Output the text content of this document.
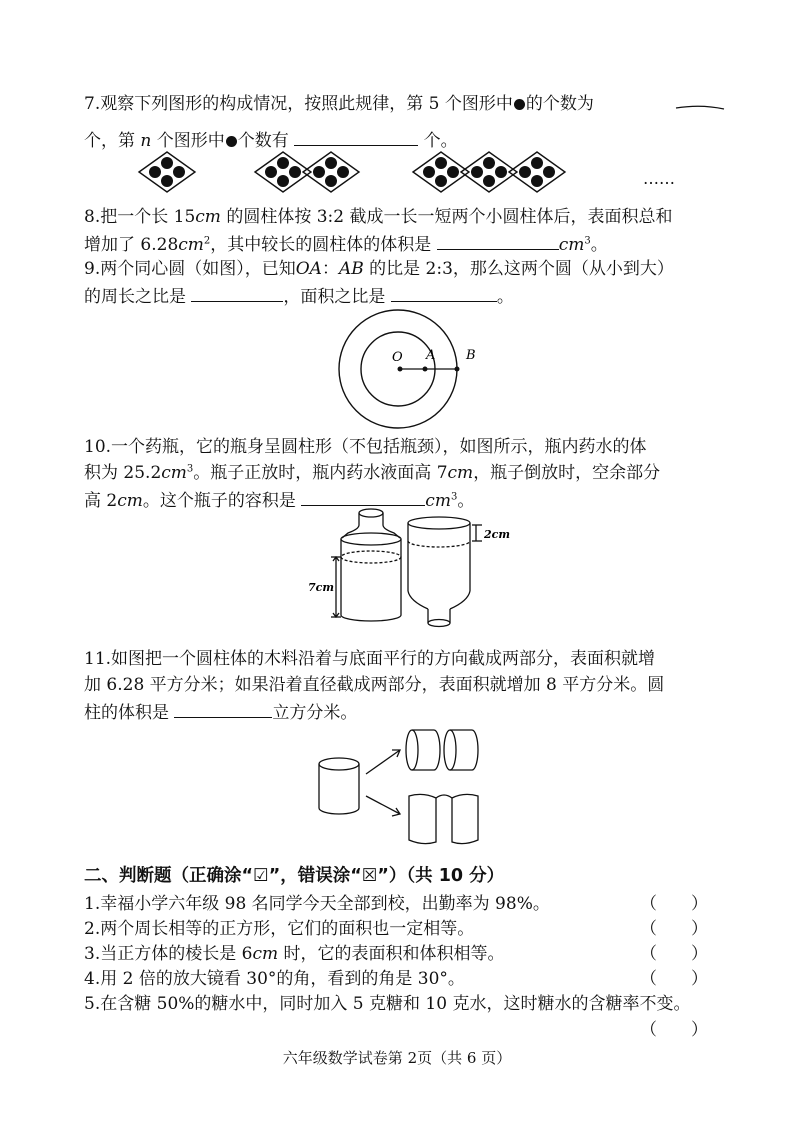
7.观察下列图形的构成情况，按照此规律，第 5 个图形中 的个数为
个，第 n 个图形中 个数有	个。
……
8.把一个长 15cm 的圆柱体按 3:2 截成一长一短两个小圆柱体后，表面积总和
增加了 $6.28cm^2$，其中较长的圆柱体的体积是	$cm^3$。
9.两个同心圆（如图），已知OA：AB 的比是 2:3，那么这两个圆（从小到大）
的周长之比是	，面积之比是	。
O A B
10.一个药瓶，它的瓶身呈圆柱形（不包括瓶颈），如图所示，瓶内药水的体
积为 $25.2cm^3$。瓶子正放时，瓶内药水液面高 7cm，瓶子倒放时，空余部分
高 2cm。这个瓶子的容积是	$cm^3$。
7cm
2cm
11.如图把一个圆柱体的木料沿着与底面平行的方向截成两部分，表面积就增
加 6.28 平方分米；如果沿着直径截成两部分，表面积就增加 8 平方分米。圆
柱的体积是	立方分米。
二、判断题（正确涂“☑”，错误涂“☒”）（共 10 分）
1.幸福小学六年级 98 名同学今天全部到校，出勤率为 98%。	（　　）
2.两个周长相等的正方形，它们的面积也一定相等。	（　　）
3.当正方体的棱长是 6cm 时，它的表面积和体积相等。	（　　）
4.用 2 倍的放大镜看 30°的角，看到的角是 30°。	（　　）
5.在含糖 50%的糖水中，同时加入 5 克糖和 10 克水，这时糖水的含糖率不变。
（　　）
六年级数学试卷第 2页（共 6 页）
